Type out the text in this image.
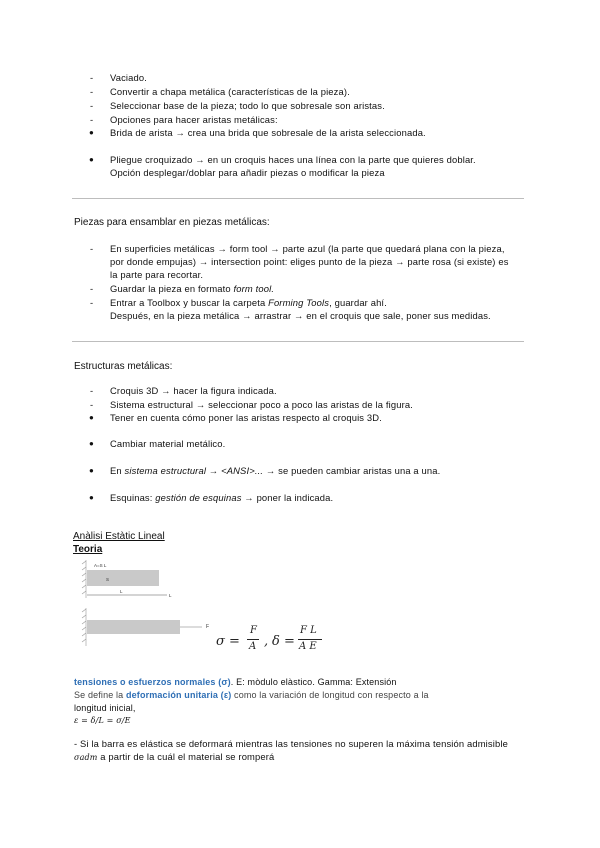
- Vaciado.
- Convertir a chapa metálica (características de la pieza).
- Seleccionar base de la pieza; todo lo que sobresale son aristas.
- Opciones para hacer aristas metálicas:
● Brida de arista → crea una brida que sobresale de la arista seleccionada.
● Pliegue croquizado → en un croquis haces una línea con la parte que quieres doblar.
Opción desplegar/doblar para añadir piezas o modificar la pieza
Piezas para ensamblar en piezas metálicas:
- En superficies metálicas → form tool → parte azul (la parte que quedará plana con la pieza,
por donde empujas) → intersection point: eliges punto de la pieza → parte rosa (si existe) es
la parte para recortar.
- Guardar la pieza en formato form tool.
- Entrar a Toolbox y buscar la carpeta Forming Tools, guardar ahí.
Después, en la pieza metálica → arrastrar → en el croquis que sale, poner sus medidas.
Estructuras metálicas:
- Croquis 3D → hacer la figura indicada.
- Sistema estructural → seleccionar poco a poco las aristas de la figura.
● Tener en cuenta cómo poner las aristas respecto al croquis 3D.
● Cambiar material metálico.
● En sistema estructural → <ANSI>... → se pueden cambiar aristas una a una.
● Esquinas: gestión de esquinas → poner la indicada.
Anàlisi Estàtic Lineal
Teoria
A=S L
S
L
L
F
σ =
F
A , δ =
F L
A E
tensiones o esfuerzos normales (σ). E: mòdulo elàstico. Gamma: Extensión
Se define la deformación unitaria (ε) como la variación de longitud con respecto a la
longitud inicial,
ε = δ/L = σ/E
- Si la barra es elástica se deformará mientras las tensiones no superen la máxima tensión admisible
σadm a partir de la cuál el material se romperá
